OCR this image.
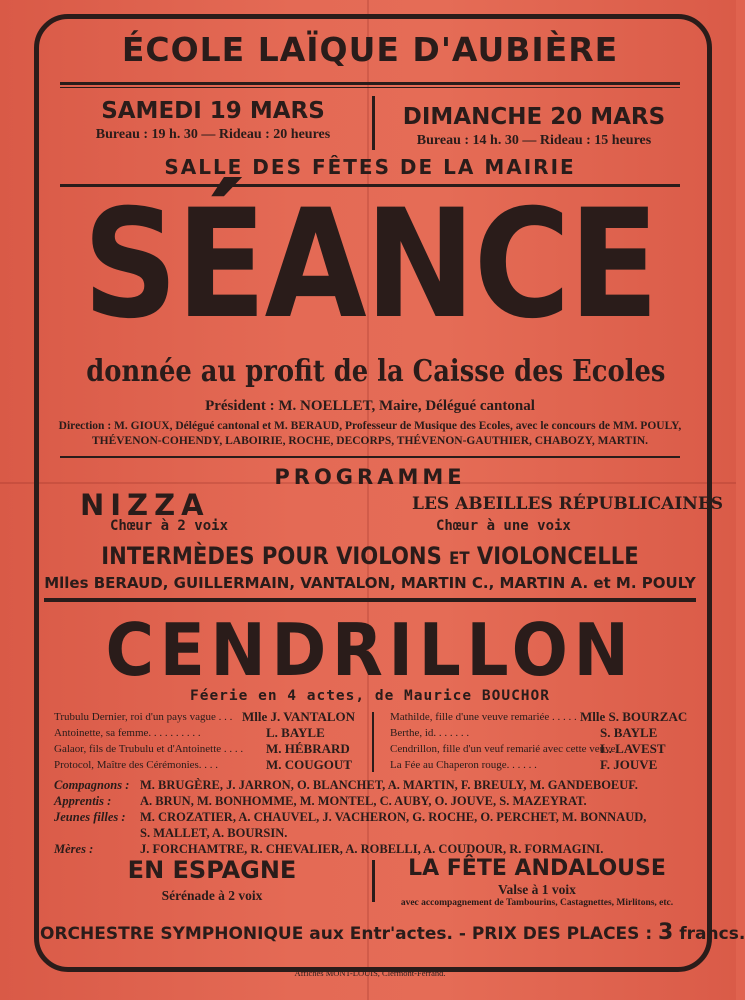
ÉCOLE LAÏQUE D'AUBIÈRE
SAMEDI 19 MARS
Bureau : 19 h. 30 — Rideau : 20 heures
DIMANCHE 20 MARS
Bureau : 14 h. 30 — Rideau : 15 heures
SALLE DES FÊTES DE LA MAIRIE
SÉANCE
donnée au profit de la Caisse des Ecoles
Président : M. NOELLET, Maire, Délégué cantonal
Direction : M. GIOUX, Délégué cantonal et M. BERAUD, Professeur de Musique des Ecoles, avec le concours de MM. POULY,
THÉVENON-COHENDY, LABOIRIE, ROCHE, DECORPS, THÉVENON-GAUTHIER, CHABOZY, MARTIN.
PROGRAMME
NIZZA
Chœur à 2 voix
LES ABEILLES RÉPUBLICAINES
Chœur à une voix
INTERMÈDES POUR VIOLONS ET VIOLONCELLE
Mlles BERAUD, GUILLERMAIN, VANTALON, MARTIN C., MARTIN A. et M. POULY
CENDRILLON
Féerie en 4 actes, de Maurice BOUCHOR
Trubulu Dernier, roi d'un pays vague . . . Mlle J. VANTALON
Antoinette, sa femme. . . . . . . . . .	L. BAYLE
Galaor, fils de Trubulu et d'Antoinette . . . . M. HÉBRARD
Protocol, Maître des Cérémonies. . . .	M. COUGOUT
Mathilde, fille d'une veuve remariée . . . . . Mlle S. BOURZAC
Berthe, id. . . . . . .	S. BAYLE
Cendrillon, fille d'un veuf remarié avec cette veuve.
L. LAVEST
La Fée au Chaperon rouge. . . . . .	F. JOUVE
Compagnons : M. BRUGÈRE, J. JARRON, O. BLANCHET, A. MARTIN, F. BREULY, M. GANDEBOEUF.
Apprentis : A. BRUN, M. BONHOMME, M. MONTEL, C. AUBY, O. JOUVE, S. MAZEYRAT.
Jeunes filles : M. CROZATIER, A. CHAUVEL, J. VACHERON, G. ROCHE, O. PERCHET, M. BONNAUD,
S. MALLET, A. BOURSIN.
Mères :	J. FORCHAMTRE, R. CHEVALIER, A. ROBELLI, A. COUDOUR, R. FORMAGINI.
EN ESPAGNE
Sérénade à 2 voix
LA FÊTE ANDALOUSE
Valse à 1 voix
avec accompagnement de Tambourins, Castagnettes, Mirlitons, etc.
ORCHESTRE SYMPHONIQUE aux Entr'actes. - PRIX DES PLACES : 3 francs.
Affiches MONT-LOUIS, Clermont-Ferrand.
